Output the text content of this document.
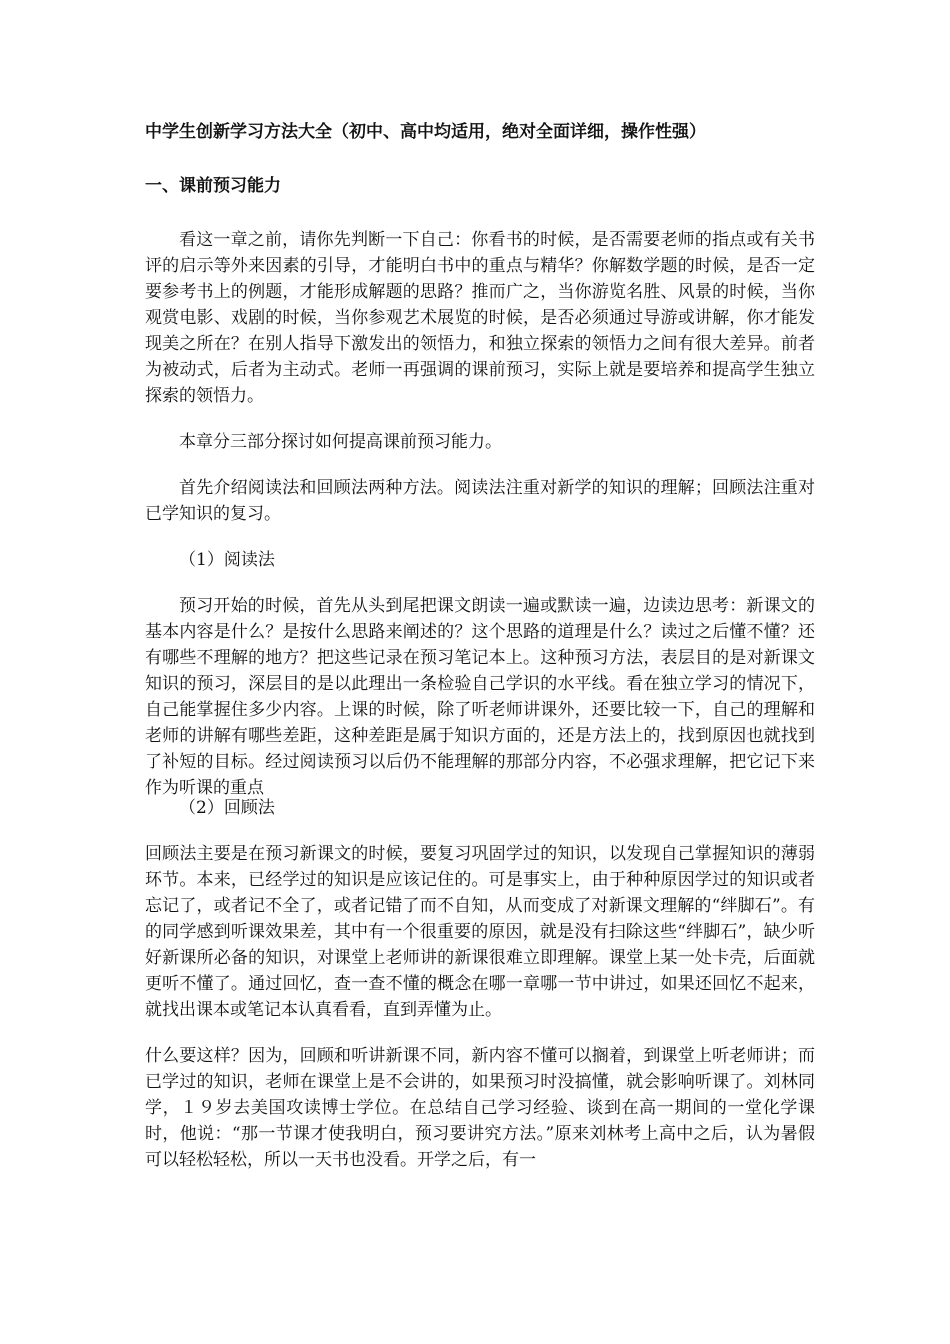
中学生创新学习方法大全（初中、高中均适用，绝对全面详细，操作性强）
一、课前预习能力

看这一章之前，请你先判断一下自己：你看书的时候，是否需要老师的指点或有关书评的启示等外来因素的引导，才能明白书中的重点与精华？你解数学题的时候，是否一定要参考书上的例题，才能形成解题的思路？推而广之，当你游览名胜、风景的时候，当你观赏电影、戏剧的时候，当你参观艺术展览的时候，是否必须通过导游或讲解，你才能发现美之所在？在别人指导下激发出的领悟力，和独立探索的领悟力之间有很大差异。前者为被动式，后者为主动式。老师一再强调的课前预习，实际上就是要培养和提高学生独立探索的领悟力。

本章分三部分探讨如何提高课前预习能力。

首先介绍阅读法和回顾法两种方法。阅读法注重对新学的知识的理解；回顾法注重对已学知识的复习。

（1）阅读法

预习开始的时候，首先从头到尾把课文朗读一遍或默读一遍，边读边思考：新课文的基本内容是什么？是按什么思路来阐述的？这个思路的道理是什么？读过之后懂不懂？还有哪些不理解的地方？把这些记录在预习笔记本上。这种预习方法，表层目的是对新课文知识的预习，深层目的是以此理出一条检验自己学识的水平线。看在独立学习的情况下，自己能掌握住多少内容。上课的时候，除了听老师讲课外，还要比较一下，自己的理解和老师的讲解有哪些差距，这种差距是属于知识方面的，还是方法上的，找到原因也就找到了补短的目标。经过阅读预习以后仍不能理解的那部分内容，不必强求理解，把它记下来作为听课的重点

（2）回顾法

回顾法主要是在预习新课文的时候，要复习巩固学过的知识，以发现自己掌握知识的薄弱环节。本来，已经学过的知识是应该记住的。可是事实上，由于种种原因学过的知识或者忘记了，或者记不全了，或者记错了而不自知，从而变成了对新课文理解的“绊脚石”。有的同学感到听课效果差，其中有一个很重要的原因，就是没有扫除这些“绊脚石”，缺少听好新课所必备的知识，对课堂上老师讲的新课很难立即理解。课堂上某一处卡壳，后面就更听不懂了。通过回忆，查一查不懂的概念在哪一章哪一节中讲过，如果还回忆不起来，就找出课本或笔记本认真看看，直到弄懂为止。

什么要这样？因为，回顾和听讲新课不同，新内容不懂可以搁着，到课堂上听老师讲；而已学过的知识，老师在课堂上是不会讲的，如果预习时没搞懂，就会影响听课了。刘林同学，１９岁去美国攻读博士学位。在总结自己学习经验、谈到在高一期间的一堂化学课时，他说：“那一节课才使我明白，预习要讲究方法。”原来刘林考上高中之后，认为暑假可以轻松轻松，所以一天书也没看。开学之后，有一
